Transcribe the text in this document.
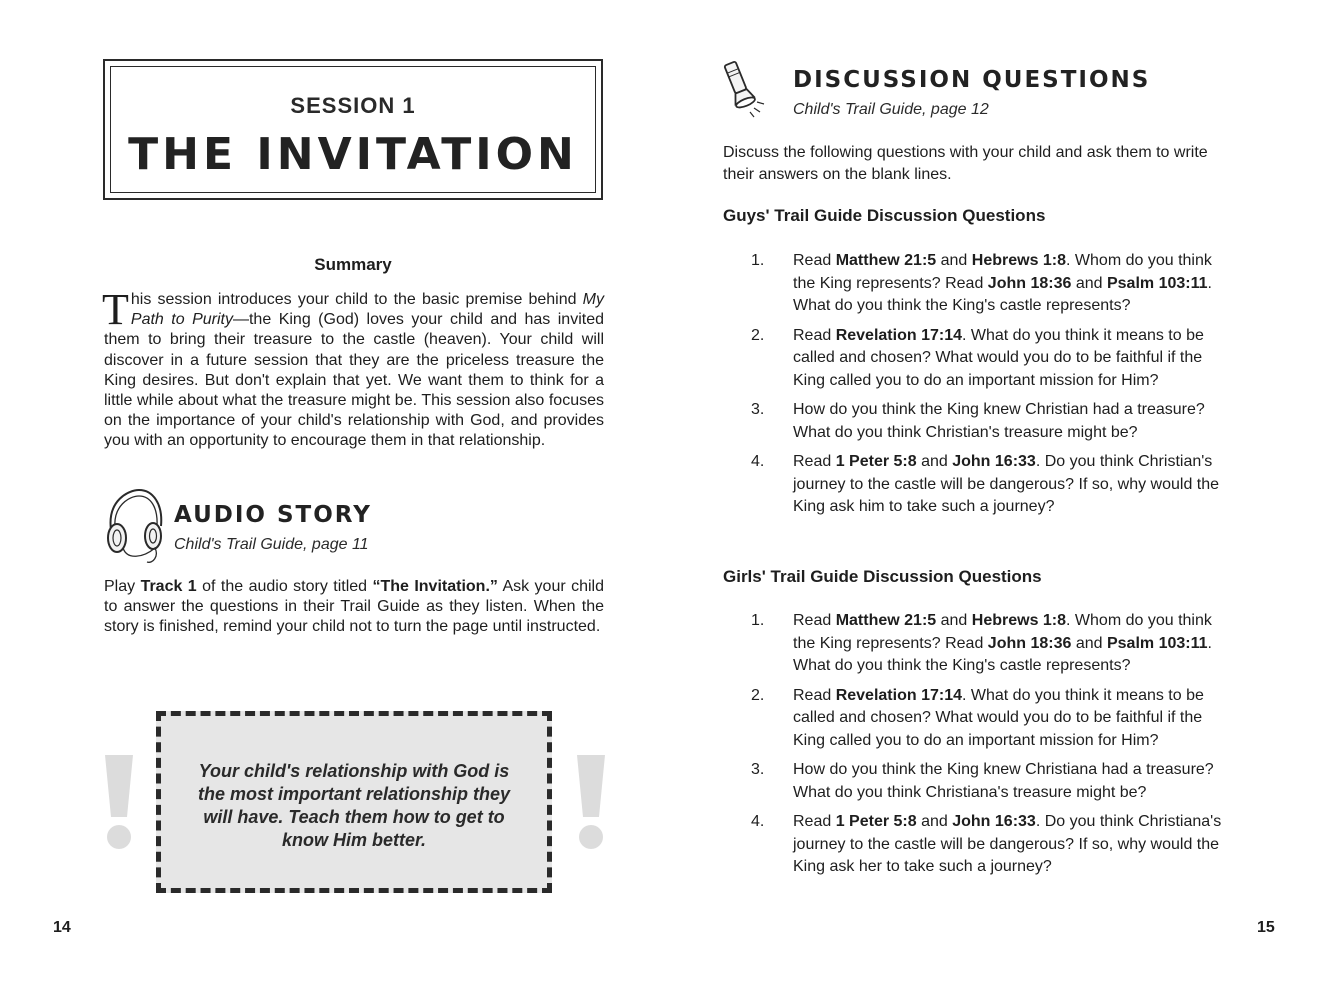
SESSION 1
THE INVITATION
Summary
This session introduces your child to the basic premise behind My Path to Purity—the King (God) loves your child and has invited them to bring their treasure to the castle (heaven). Your child will discover in a future session that they are the priceless treasure the King desires. But don't explain that yet. We want them to think for a little while about what the treasure might be. This session also focuses on the importance of your child's relationship with God, and provides you with an opportunity to encourage them in that relationship.
AUDIO STORY
Child's Trail Guide, page 11
Play Track 1 of the audio story titled “The Invitation.” Ask your child to answer the questions in their Trail Guide as they listen. When the story is finished, remind your child not to turn the page until instructed.
Your child's relationship with God is the most important relationship they will have. Teach them how to get to know Him better.
14
DISCUSSION QUESTIONS
Child's Trail Guide, page 12
Discuss the following questions with your child and ask them to write their answers on the blank lines.
Guys' Trail Guide Discussion Questions
1. Read Matthew 21:5 and Hebrews 1:8. Whom do you think the King represents? Read John 18:36 and Psalm 103:11. What do you think the King's castle represents?
2. Read Revelation 17:14. What do you think it means to be called and chosen? What would you do to be faithful if the King called you to do an important mission for Him?
3. How do you think the King knew Christian had a treasure? What do you think Christian's treasure might be?
4. Read 1 Peter 5:8 and John 16:33. Do you think Christian's journey to the castle will be dangerous? If so, why would the King ask him to take such a journey?
Girls' Trail Guide Discussion Questions
1. Read Matthew 21:5 and Hebrews 1:8. Whom do you think the King represents? Read John 18:36 and Psalm 103:11. What do you think the King's castle represents?
2. Read Revelation 17:14. What do you think it means to be called and chosen? What would you do to be faithful if the King called you to do an important mission for Him?
3. How do you think the King knew Christiana had a treasure? What do you think Christiana's treasure might be?
4. Read 1 Peter 5:8 and John 16:33. Do you think Christiana's journey to the castle will be dangerous? If so, why would the King ask her to take such a journey?
15
